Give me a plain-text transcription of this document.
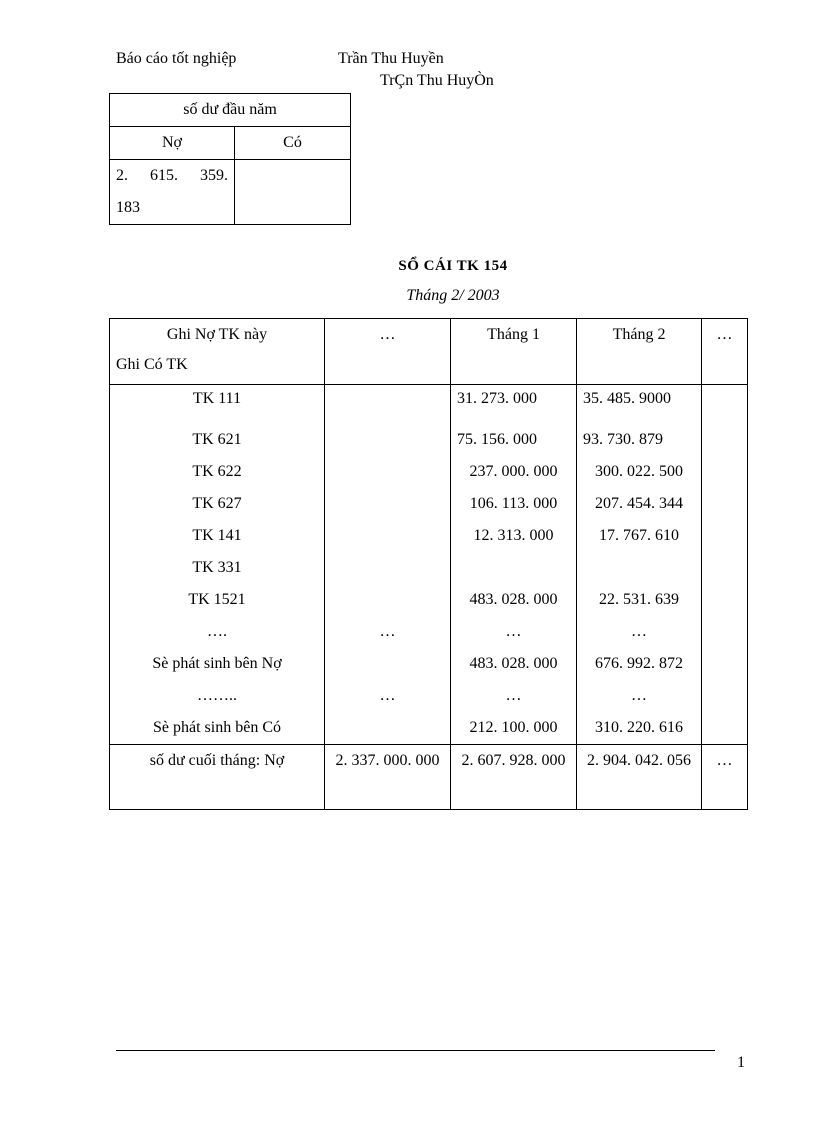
Báo cáo tốt nghiệp	Trần Thu Huyền
TrÇn Thu HuyÒn
số dư đầu năm	
Nợ	Có
2. 615. 359. 183	
SỔ CÁI TK 154
Tháng 2/ 2003
Ghi Nợ TK này
Ghi Có TK	…	Tháng 1	Tháng 2	…
TK 111		31. 273. 000	35. 485. 9000	
TK 621		75. 156. 000	93. 730. 879	
TK 622		237. 000. 000	300. 022. 500	
TK 627		106. 113. 000	207. 454. 344	
TK 141		12. 313. 000	17. 767. 610	
TK 331				
TK 1521		483. 028. 000	22. 531. 639	
….	…	…	…	
Sè phát sinh bên Nợ		483. 028. 000	676. 992. 872	
……..	…	…	…	
Sè phát sinh bên Có		212. 100. 000	310. 220. 616	
số dư cuối tháng: Nợ	2. 337. 000. 000	2. 607. 928. 000	2. 904. 042. 056	…
1
